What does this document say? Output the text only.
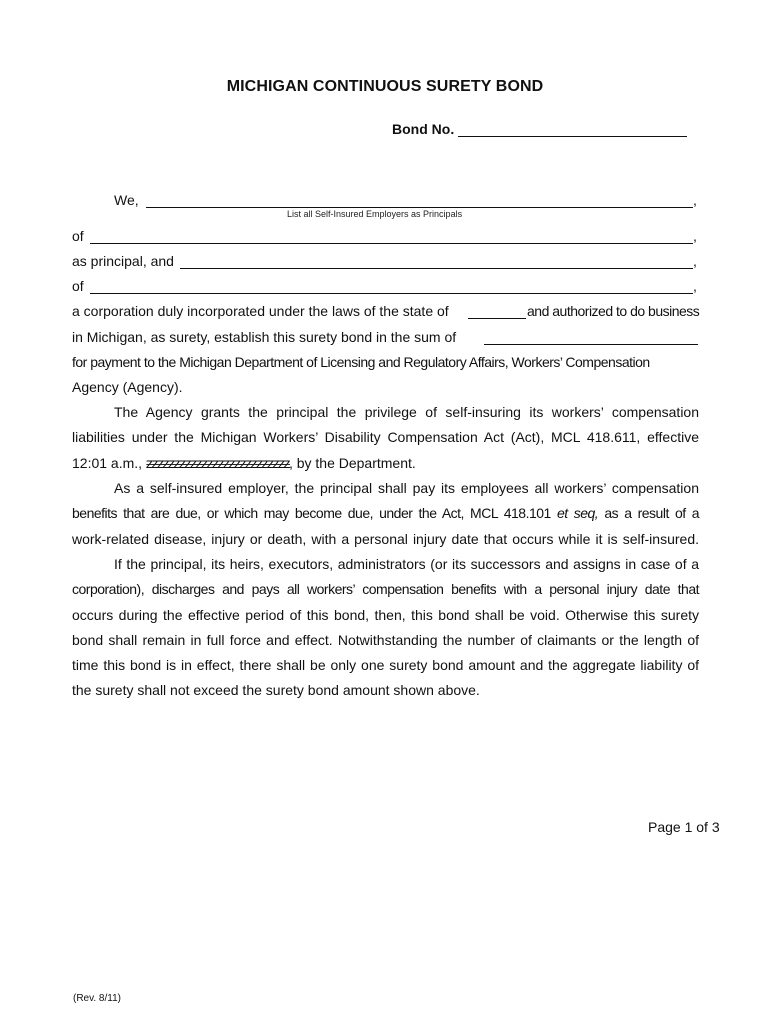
MICHIGAN CONTINUOUS SURETY BOND
Bond No.
We,	,
List all Self-Insured Employers as Principals
of	,
as principal, and	,
of	,
a corporation duly incorporated under the laws of the state of	and authorized to do business
in Michigan, as surety, establish this surety bond in the sum of
for payment to the Michigan Department of Licensing and Regulatory Affairs, Workers’ Compensation
Agency (Agency).
The Agency grants the principal the privilege of self-insuring its workers’ compensation
liabilities under the Michigan Workers’ Disability Compensation Act (Act), MCL 418.611, effective
12:01 a.m., ƶƶƶƶƶƶƶƶƶƶƶƶƶƶƶƶƶƶƶƶƶƶƶƶƶƶ, by the Department.
As a self-insured employer, the principal shall pay its employees all workers’ compensation
benefits that are due, or which may become due, under the Act, MCL 418.101 et seq, as a result of a
work-related disease, injury or death, with a personal injury date that occurs while it is self-insured.
If the principal, its heirs, executors, administrators (or its successors and assigns in case of a
corporation), discharges and pays all workers’ compensation benefits with a personal injury date that
occurs during the effective period of this bond, then, this bond shall be void. Otherwise this surety
bond shall remain in full force and effect. Notwithstanding the number of claimants or the length of
time this bond is in effect, there shall be only one surety bond amount and the aggregate liability of
the surety shall not exceed the surety bond amount shown above.
Page 1 of 3
(Rev. 8/11)
